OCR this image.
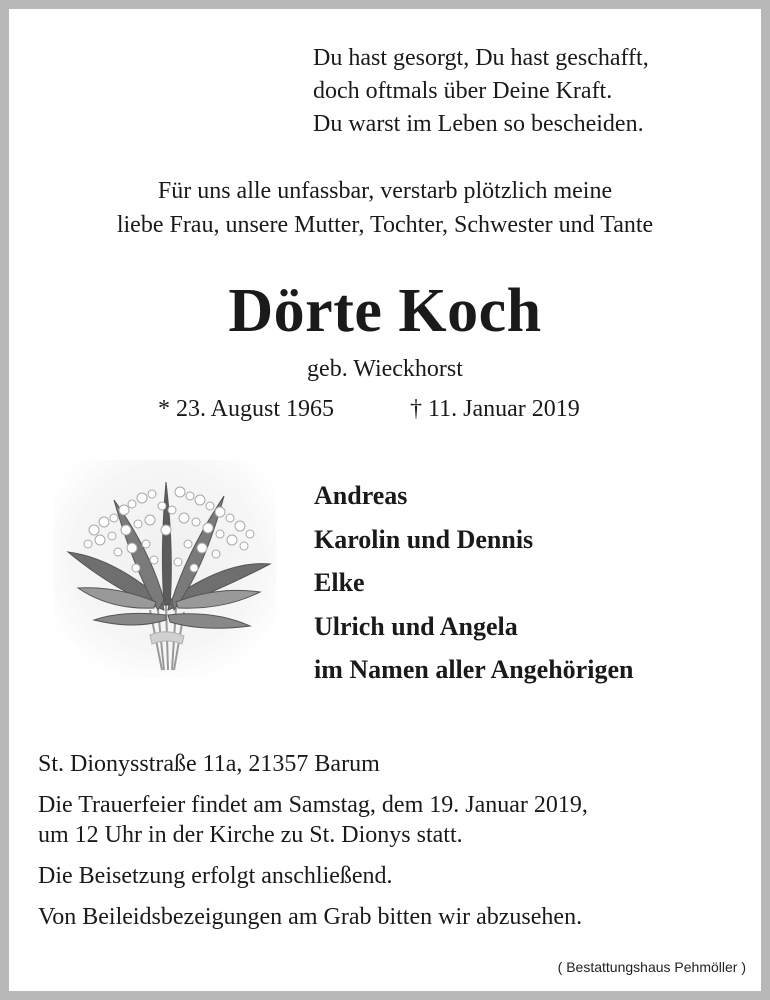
Du hast gesorgt, Du hast geschafft,
doch oftmals über Deine Kraft.
Du warst im Leben so bescheiden.
Für uns alle unfassbar, verstarb plötzlich meine
liebe Frau, unsere Mutter, Tochter, Schwester und Tante
Dörte Koch
geb. Wieckhorst
* 23. August 1965	† 11. Januar 2019
Andreas
Karolin und Dennis
Elke
Ulrich und Angela
im Namen aller Angehörigen
St. Dionysstraße 11a, 21357 Barum
Die Trauerfeier findet am Samstag, dem 19. Januar 2019,
um 12 Uhr in der Kirche zu St. Dionys statt.
Die Beisetzung erfolgt anschließend.
Von Beileidsbezeigungen am Grab bitten wir abzusehen.
( Bestattungshaus Pehmöller )
